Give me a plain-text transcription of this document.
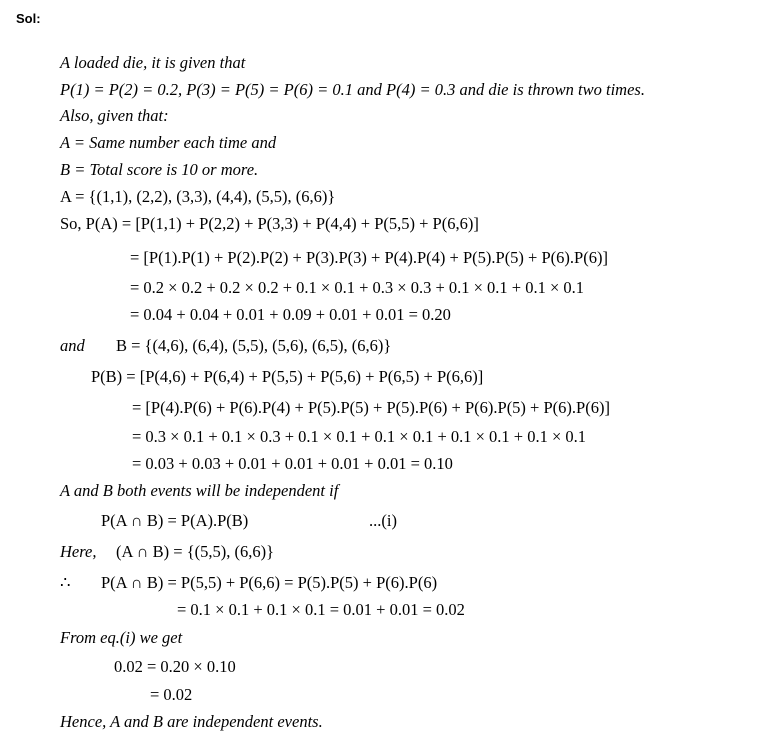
Sol:
A loaded die, it is given that
P(1) = P(2) = 0.2, P(3) = P(5) = P(6) = 0.1 and P(4) = 0.3 and die is thrown two times.
Also, given that:
A = Same number each time and
B = Total score is 10 or more.
A = {(1,1), (2,2), (3,3), (4,4), (5,5), (6,6)}
So, P(A) = [P(1,1) + P(2,2) + P(3,3) + P(4,4) + P(5,5) + P(6,6)]
= [P(1).P(1) + P(2).P(2) + P(3).P(3) + P(4).P(4) + P(5).P(5) + P(6).P(6)]
= 0.2 × 0.2 + 0.2 × 0.2 + 0.1 × 0.1 + 0.3 × 0.3 + 0.1 × 0.1 + 0.1 × 0.1
= 0.04 + 0.04 + 0.01 + 0.09 + 0.01 + 0.01 = 0.20
and B = {(4,6), (6,4), (5,5), (5,6), (6,5), (6,6)}
P(B) = [P(4,6) + P(6,4) + P(5,5) + P(5,6) + P(6,5) + P(6,6)]
= [P(4).P(6) + P(6).P(4) + P(5).P(5) + P(5).P(6) + P(6).P(5) + P(6).P(6)]
= 0.3 × 0.1 + 0.1 × 0.3 + 0.1 × 0.1 + 0.1 × 0.1 + 0.1 × 0.1 + 0.1 × 0.1
= 0.03 + 0.03 + 0.01 + 0.01 + 0.01 + 0.01 = 0.10
A and B both events will be independent if
P(A ∩ B) = P(A).P(B)	...(i)
Here, (A ∩ B) = {(5,5), (6,6)}
∴ P(A ∩ B) = P(5,5) + P(6,6) = P(5).P(5) + P(6).P(6)
= 0.1 × 0.1 + 0.1 × 0.1 = 0.01 + 0.01 = 0.02
From eq.(i) we get
0.02 = 0.20 × 0.10
= 0.02
Hence, A and B are independent events.
